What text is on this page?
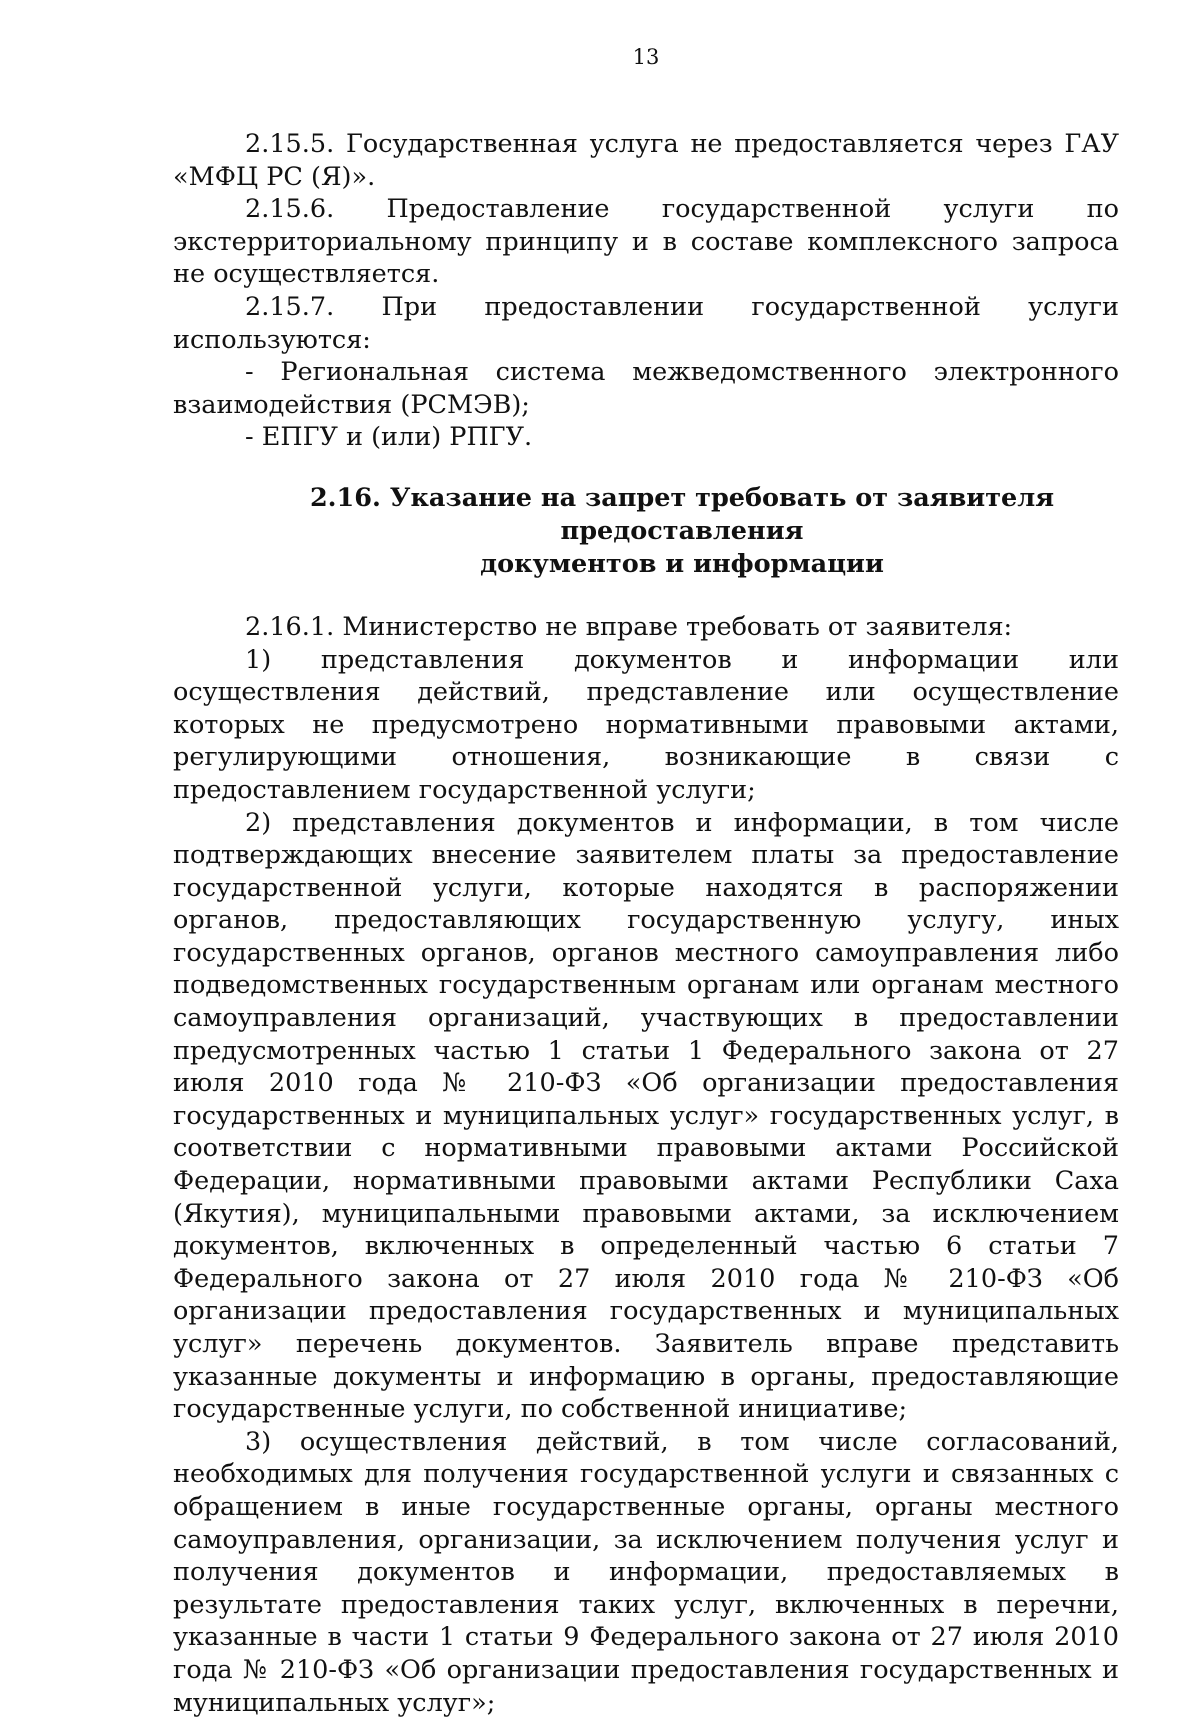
13

2.15.5. Государственная услуга не предоставляется через ГАУ «МФЦ РС (Я)».

2.15.6. Предоставление государственной услуги по экстерриториальному принципу и в составе комплексного запроса не осуществляется.

2.15.7. При предоставлении государственной услуги используются:

- Региональная система межведомственного электронного взаимодействия (РСМЭВ);

- ЕПГУ и (или) РПГУ.

2.16. Указание на запрет требовать от заявителя предоставления
документов и информации

2.16.1. Министерство не вправе требовать от заявителя:

1) представления документов и информации или осуществления действий, представление или осуществление которых не предусмотрено нормативными правовыми актами, регулирующими отношения, возникающие в связи с предоставлением государственной услуги;

2) представления документов и информации, в том числе подтверждающих внесение заявителем платы за предоставление государственной услуги, которые находятся в распоряжении органов, предоставляющих государственную услугу, иных государственных органов, органов местного самоуправления либо подведомственных государственным органам или органам местного самоуправления организаций, участвующих в предоставлении предусмотренных частью 1 статьи 1 Федерального закона от 27 июля 2010 года № 210-ФЗ «Об организации предоставления государственных и муниципальных услуг» государственных услуг, в соответствии с нормативными правовыми актами Российской Федерации, нормативными правовыми актами Республики Саха (Якутия), муниципальными правовыми актами, за исключением документов, включенных в определенный частью 6 статьи 7 Федерального закона от 27 июля 2010 года № 210-ФЗ «Об организации предоставления государственных и муниципальных услуг» перечень документов. Заявитель вправе представить указанные документы и информацию в органы, предоставляющие государственные услуги, по собственной инициативе;

3) осуществления действий, в том числе согласований, необходимых для получения государственной услуги и связанных с обращением в иные государственные органы, органы местного самоуправления, организации, за исключением получения услуг и получения документов и информации, предоставляемых в результате предоставления таких услуг, включенных в перечни, указанные в части 1 статьи 9 Федерального закона от 27 июля 2010 года № 210-ФЗ «Об организации предоставления государственных и муниципальных услуг»;
